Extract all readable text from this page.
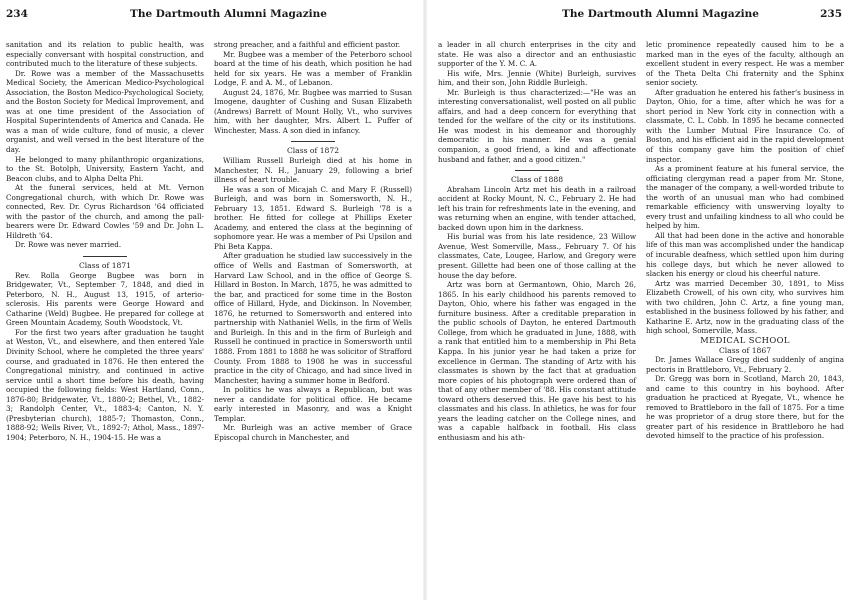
234	The Dartmouth Alumni Magazine

sanitation and its relation to public health, was especially conversant with hospital construction, and contributed much to the literature of these subjects.

Dr. Rowe was a member of the Massachusetts Medical Society, the American Medico-Psychological Association, the Boston Medico-Psychological Society, and the Boston Society for Medical Improvement, and was at one time president of the Association of Hospital Superintendents of America and Canada. He was a man of wide culture, fond of music, a clever organist, and well versed in the best literature of the day.

He belonged to many philanthropic organizations, to the St. Botolph, University, Eastern Yacht, and Beacon clubs, and to Alpha Delta Phi.

At the funeral services, held at Mt. Vernon Congregational church, with which Dr. Rowe was connected, Rev. Dr. Cyrus Richardson '64 officiated with the pastor of the church, and among the pall-bearers were Dr. Edward Cowles '59 and Dr. John L. Hildreth '64.

Dr. Rowe was never married.

Class of 1871

Rev. Rolla George Bugbee was born in Bridgewater, Vt., September 7, 1848, and died in Peterboro, N. H., August 13, 1915, of arterio-sclerosis. His parents were George Howard and Catharine (Weld) Bugbee. He prepared for college at Green Mountain Academy, South Woodstock, Vt.

For the first two years after graduation he taught at Weston, Vt., and elsewhere, and then entered Yale Divinity School, where he completed the three years' course, and graduated in 1876. He then entered the Congregational ministry, and continued in active service until a short time before his death, having occupied the following fields: West Hartland, Conn., 1876-80; Bridgewater, Vt., 1880-2; Bethel, Vt., 1882-3; Randolph Center, Vt., 1883-4; Canton, N. Y. (Presbyterian church), 1885-7; Thomaston, Conn., 1888-92; Wells River, Vt., 1892-7; Athol, Mass., 1897-1904; Peterboro, N. H., 1904-15. He was a

strong preacher, and a faithful and efficient pastor.

Mr. Bugbee was a member of the Peterboro school board at the time of his death, which position he had held for six years. He was a member of Franklin Lodge, F. and A. M., of Lebanon.

August 24, 1876, Mr. Bugbee was married to Susan Imogene, daughter of Cushing and Susan Elizabeth (Andrews) Barrett of Mount Holly, Vt., who survives him, with her daughter, Mrs. Albert L. Puffer of Winchester, Mass. A son died in infancy.

Class of 1872

William Russell Burleigh died at his home in Manchester, N. H., January 29, following a brief illness of heart trouble.

He was a son of Micajah C. and Mary F. (Russell) Burleigh, and was born in Somersworth, N. H., February 13, 1851. Edward S. Burleigh '78 is a brother. He fitted for college at Phillips Exeter Academy, and entered the class at the beginning of sophomore year. He was a member of Psi Upsilon and Phi Beta Kappa.

After graduation he studied law successively in the office of Wells and Eastman of Somersworth, at Harvard Law School, and in the office of George S. Hillard in Boston. In March, 1875, he was admitted to the bar, and practiced for some time in the Boston office of Hillard, Hyde, and Dickinson. In November, 1876, he returned to Somersworth and entered into partnership with Nathaniel Wells, in the firm of Wells and Burleigh. In this and in the firm of Burleigh and Russell he continued in practice in Somersworth until 1888. From 1881 to 1888 he was solicitor of Strafford County. From 1888 to 1908 he was in successful practice in the city of Chicago, and had since lived in Manchester, having a summer home in Bedford.

In politics he was always a Republican, but was never a candidate for political office. He became early interested in Masonry, and was a Knight Templar.

Mr. Burleigh was an active member of Grace Episcopal church in Manchester, and

The Dartmouth Alumni Magazine	235

a leader in all church enterprises in the city and state. He was also a director and an enthusiastic supporter of the Y. M. C. A.

His wife, Mrs. Jennie (White) Burleigh, survives him, and their son, John Riddle Burleigh.

Mr. Burleigh is thus characterized:—"He was an interesting conversationalist, well posted on all public affairs, and had a deep concern for everything that tended for the welfare of the city or its institutions. He was modest in his demeanor and thoroughly democratic in his manner. He was a genial companion, a good friend, a kind and affectionate husband and father, and a good citizen."

Class of 1888

Abraham Lincoln Artz met his death in a railroad accident at Rocky Mount, N. C., February 2. He had left his train for refreshments late in the evening, and was returning when an engine, with tender attached, backed down upon him in the darkness.

His burial was from his late residence, 23 Willow Avenue, West Somerville, Mass., February 7. Of his classmates, Cate, Lougee, Harlow, and Gregory were present. Gillette had been one of those calling at the house the day before.

Artz was born at Germantown, Ohio, March 26, 1865. In his early childhood his parents removed to Dayton, Ohio, where his father was engaged in the furniture business. After a creditable preparation in the public schools of Dayton, he entered Dartmouth College, from which he graduated in June, 1888, with a rank that entitled him to a membership in Phi Beta Kappa. In his junior year he had taken a prize for excellence in German. The standing of Artz with his classmates is shown by the fact that at graduation more copies of his photograph were ordered than of that of any other member of '88. His constant attitude toward others deserved this. He gave his best to his classmates and his class. In athletics, he was for four years the leading catcher on the College nines, and was a capable halfback in football. His class enthusiasm and his ath-

letic prominence repeatedly caused him to be a marked man in the eyes of the faculty, although an excellent student in every respect. He was a member of the Theta Delta Chi fraternity and the Sphinx senior society.

After graduation he entered his father's business in Dayton, Ohio, for a time, after which he was for a short period in New York city in connection with a classmate, C. L. Cobb. In 1895 he became connected with the Lumber Mutual Fire Insurance Co. of Boston, and his efficient aid in the rapid development of this company gave him the position of chief inspector.

As a prominent feature at his funeral service, the officiating clergyman read a paper from Mr. Stone, the manager of the company, a well-worded tribute to the worth of an unusual man who had combined remarkable efficiency with unswerving loyalty to every trust and unfailing kindness to all who could be helped by him.

All that had been done in the active and honorable life of this man was accomplished under the handicap of incurable deafness, which settled upon him during his college days, but which he never allowed to slacken his energy or cloud his cheerful nature.

Artz was married December 30, 1891, to Miss Elizabeth Crowell, of his own city, who survives him with two children, John C. Artz, a fine young man, established in the business followed by his father, and Katharine E. Artz, now in the graduating class of the high school, Somerville, Mass.

MEDICAL SCHOOL
Class of 1867

Dr. James Wallace Gregg died suddenly of angina pectoris in Brattleboro, Vt., February 2.

Dr. Gregg was born in Scotland, March 20, 1843, and came to this country in his boyhood. After graduation he practiced at Ryegate, Vt., whence he removed to Brattleboro in the fall of 1875. For a time he was proprietor of a drug store there, but for the greater part of his residence in Brattleboro he had devoted himself to the practice of his profession.
